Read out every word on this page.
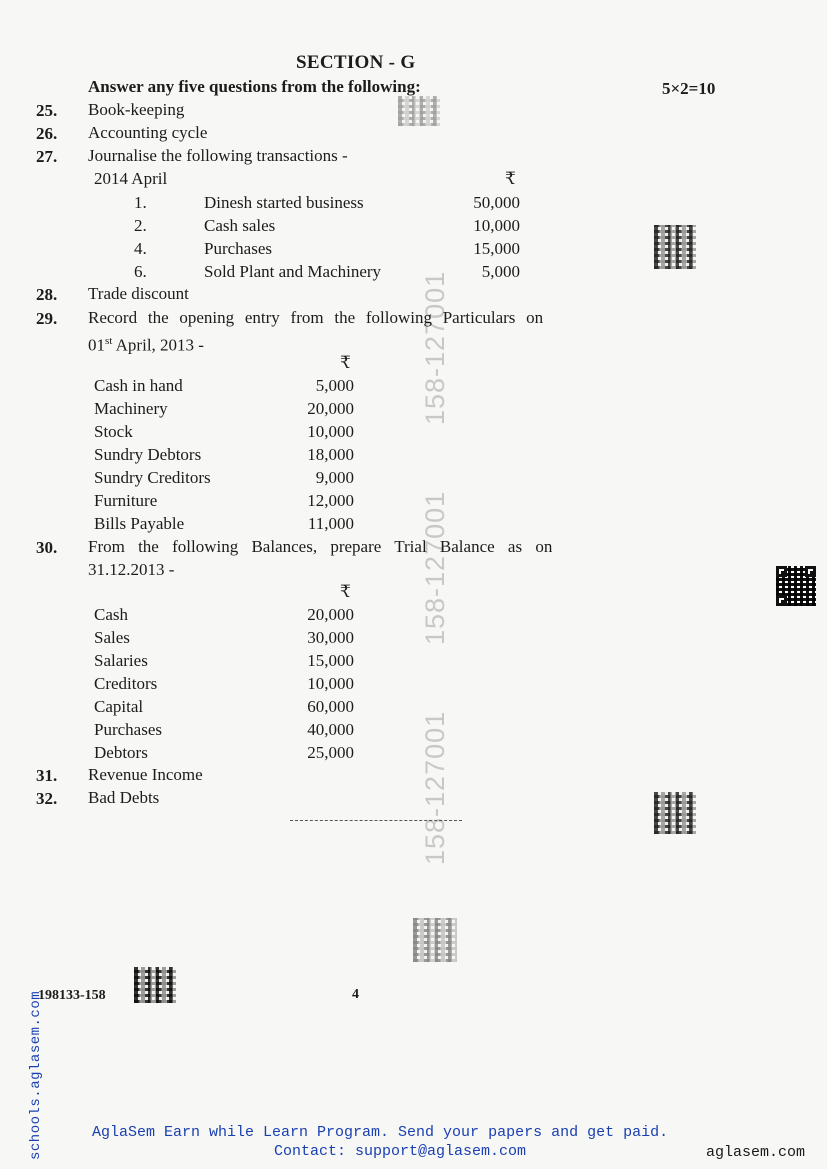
158-127001
158-127001
158-127001
SECTION - G
Answer any five questions from the following:	5×2=10
25. Book-keeping
26. Accounting cycle
27. Journalise the following transactions -
2014 April	₹
1.	Dinesh started business	50,000
2.	Cash sales	10,000
4.	Purchases	15,000
6.	Sold Plant and Machinery	5,000
28. Trade discount
29. Record the opening entry from the following Particulars on
01st April, 2013 -
₹
Cash in hand	5,000
Machinery	20,000
Stock	10,000
Sundry Debtors	18,000
Sundry Creditors	9,000
Furniture	12,000
Bills Payable	11,000
30. From the following Balances, prepare Trial Balance as on
31.12.2013 -
₹
Cash	20,000
Sales	30,000
Salaries	15,000
Creditors	10,000
Capital	60,000
Purchases	40,000
Debtors	25,000
31. Revenue Income
32. Bad Debts
198133-158	4
schools.aglasem.com	AglaSem Earn while Learn Program. Send your papers and get paid.
Contact: support@aglasem.com	aglasem.com
